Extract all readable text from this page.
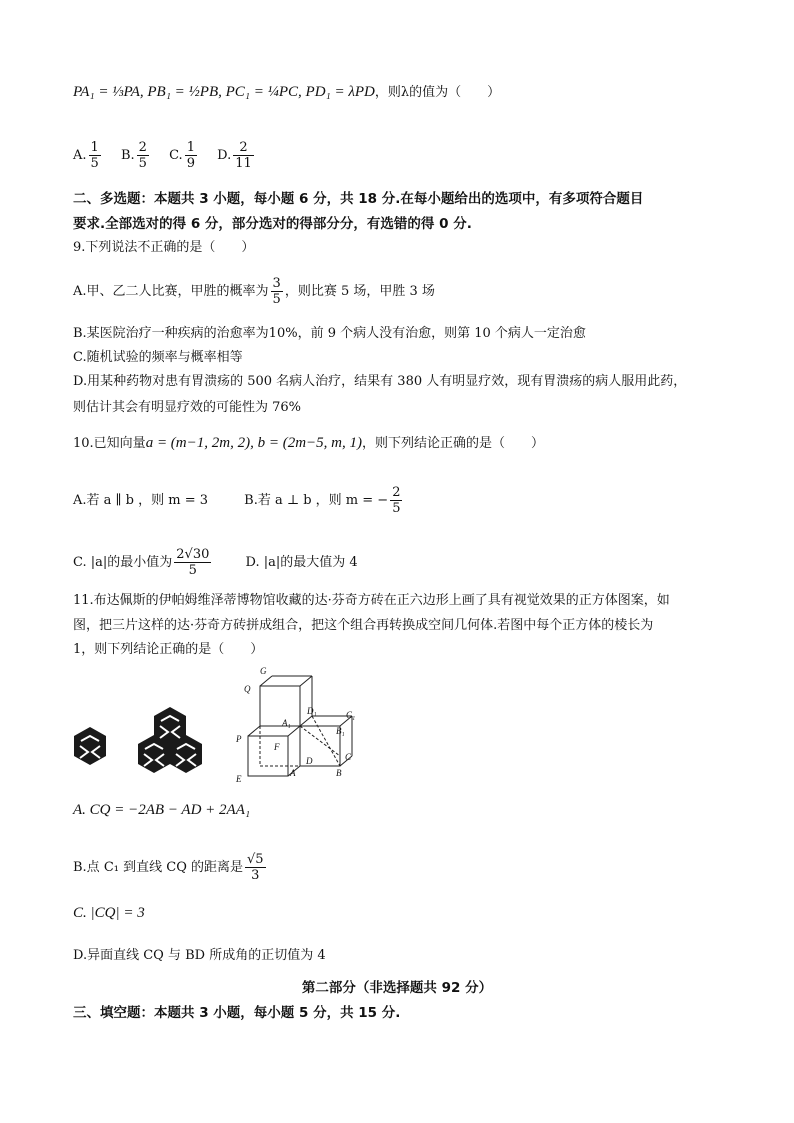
PA₁ = ⅓PA, PB₁ = ½PB, PC₁ = ¼PC, PD₁ = λPD，则λ的值为（　　）
A. $\frac{1}{5} B$. $\frac{2}{5} C$. $\frac{1}{9} D$. $\frac{2}{11}$
二、多选题：本题共 3 小题，每小题 6 分，共 18 分.在每小题给出的选项中，有多项符合题目
要求.全部选对的得 6 分，部分选对的得部分分，有选错的得 0 分.
9.下列说法不正确的是（　　）
A.甲、乙二人比赛，甲胜的概率为 $\frac{3}{5}$ ，则比赛 5 场，甲胜 3 场
B.某医院治疗一种疾病的治愈率为10%，前 9 个病人没有治愈，则第 10 个病人一定治愈
C.随机试验的频率与概率相等
D.用某种药物对患有胃溃疡的 500 名病人治疗，结果有 380 人有明显疗效，现有胃溃疡的病人服用此药，
则估计其会有明显疗效的可能性为 76%
10.已知向量a = (m−1, 2m, 2), b = (2m−5, m, 1)，则下列结论正确的是（　　）
A.若 a ∥ b ，则 m = 3	B.若 a ⊥ b ，则 m = − $\frac{2}{5}$
C. |a|的最小值为 $\frac{2√30}{5}$	D. |a|的最大值为 4
11.布达佩斯的伊帕姆维泽蒂博物馆收藏的达·芬奇方砖在正六边形上画了具有视觉效果的正方体图案，如
图，把三片这样的达·芬奇方砖拼成组合，把这个组合再转换成空间几何体.若图中每个正方体的棱长为
1，则下列结论正确的是（　　）
G
Q
D₁	C₁
A₁
B₁
P
F
C
D
A	B
E
A. CQ = −2AB − AD + 2AA₁
B.点 C₁ 到直线 CQ 的距离是 $\frac{√5}{3}$
C. |CQ| = 3
D.异面直线 CQ 与 BD 所成角的正切值为 4
第二部分（非选择题共 92 分）
三、填空题：本题共 3 小题，每小题 5 分，共 15 分.
